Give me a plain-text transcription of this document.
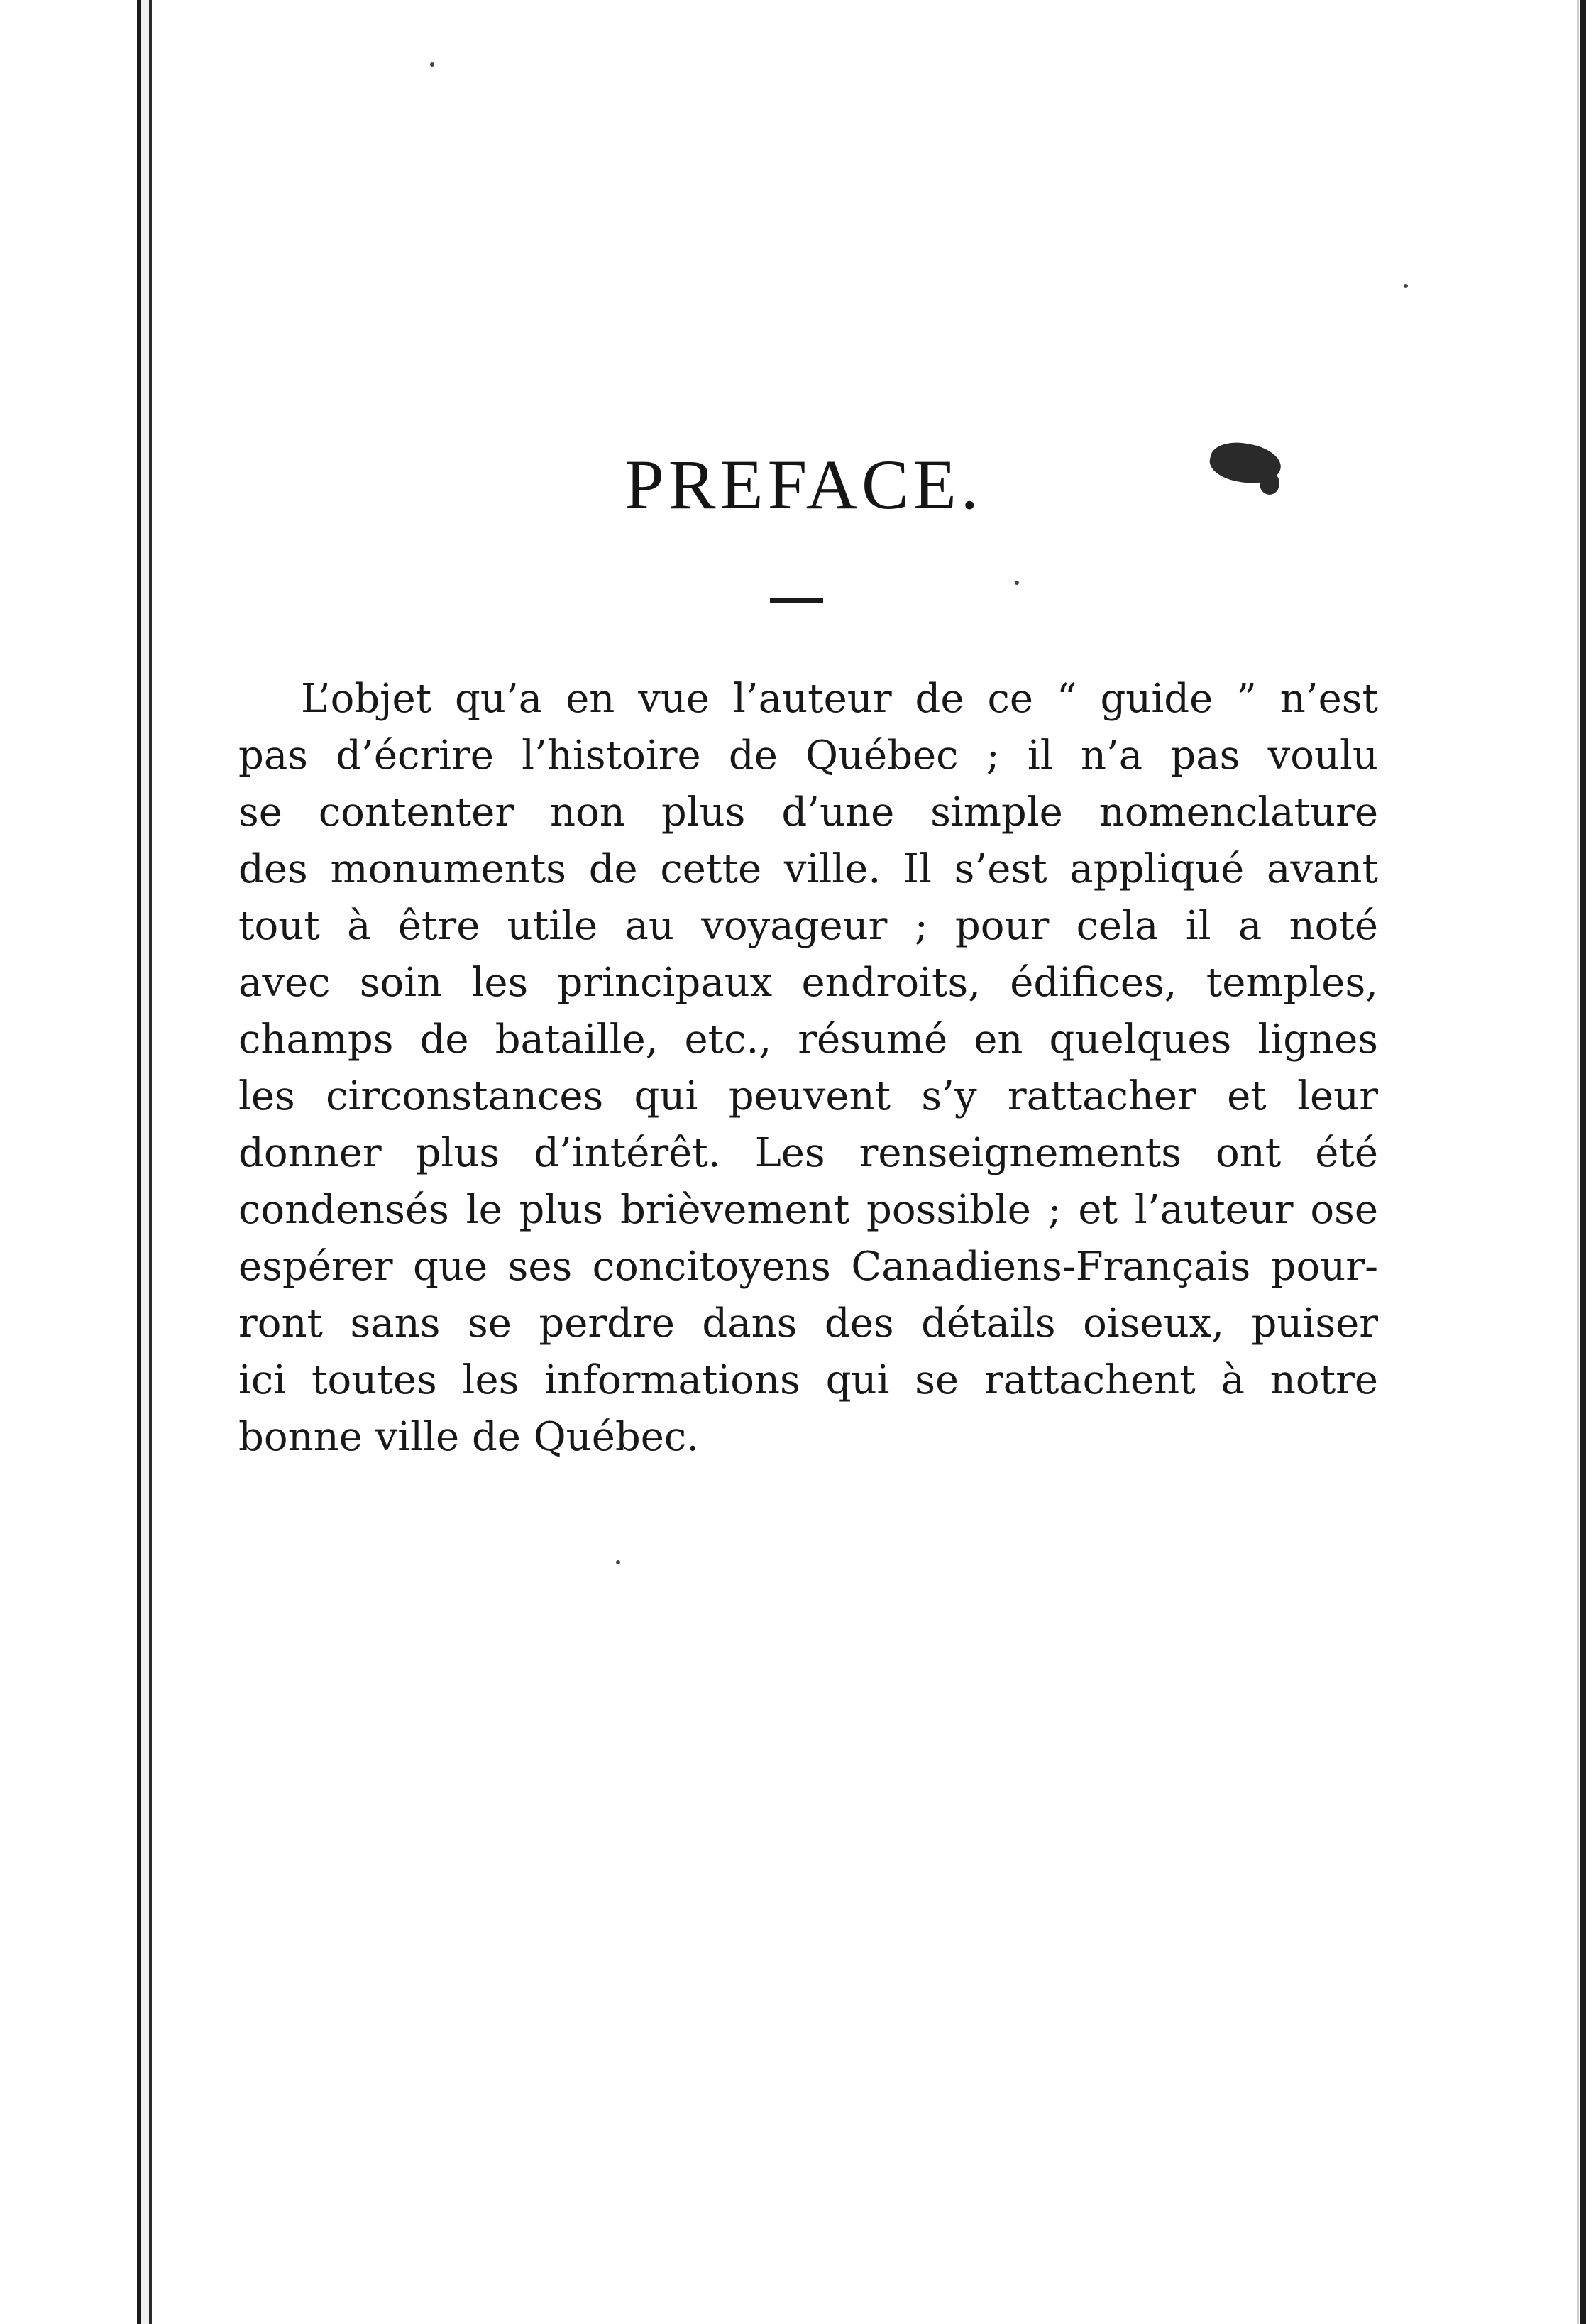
PREFACE.
L’objet qu’a en vue l’auteur de ce “ guide ” n’est
pas d’écrire l’histoire de Québec ; il n’a pas voulu
se contenter non plus d’une simple nomenclature
des monuments de cette ville. Il s’est appliqué avant
tout à être utile au voyageur ; pour cela il a noté
avec soin les principaux endroits, édifices, temples,
champs de bataille, etc., résumé en quelques lignes
les circonstances qui peuvent s’y rattacher et leur
donner plus d’intérêt. Les renseignements ont été
condensés le plus brièvement possible ; et l’auteur ose
espérer que ses concitoyens Canadiens-Français pour-
ront sans se perdre dans des détails oiseux, puiser
ici toutes les informations qui se rattachent à notre
bonne ville de Québec.
